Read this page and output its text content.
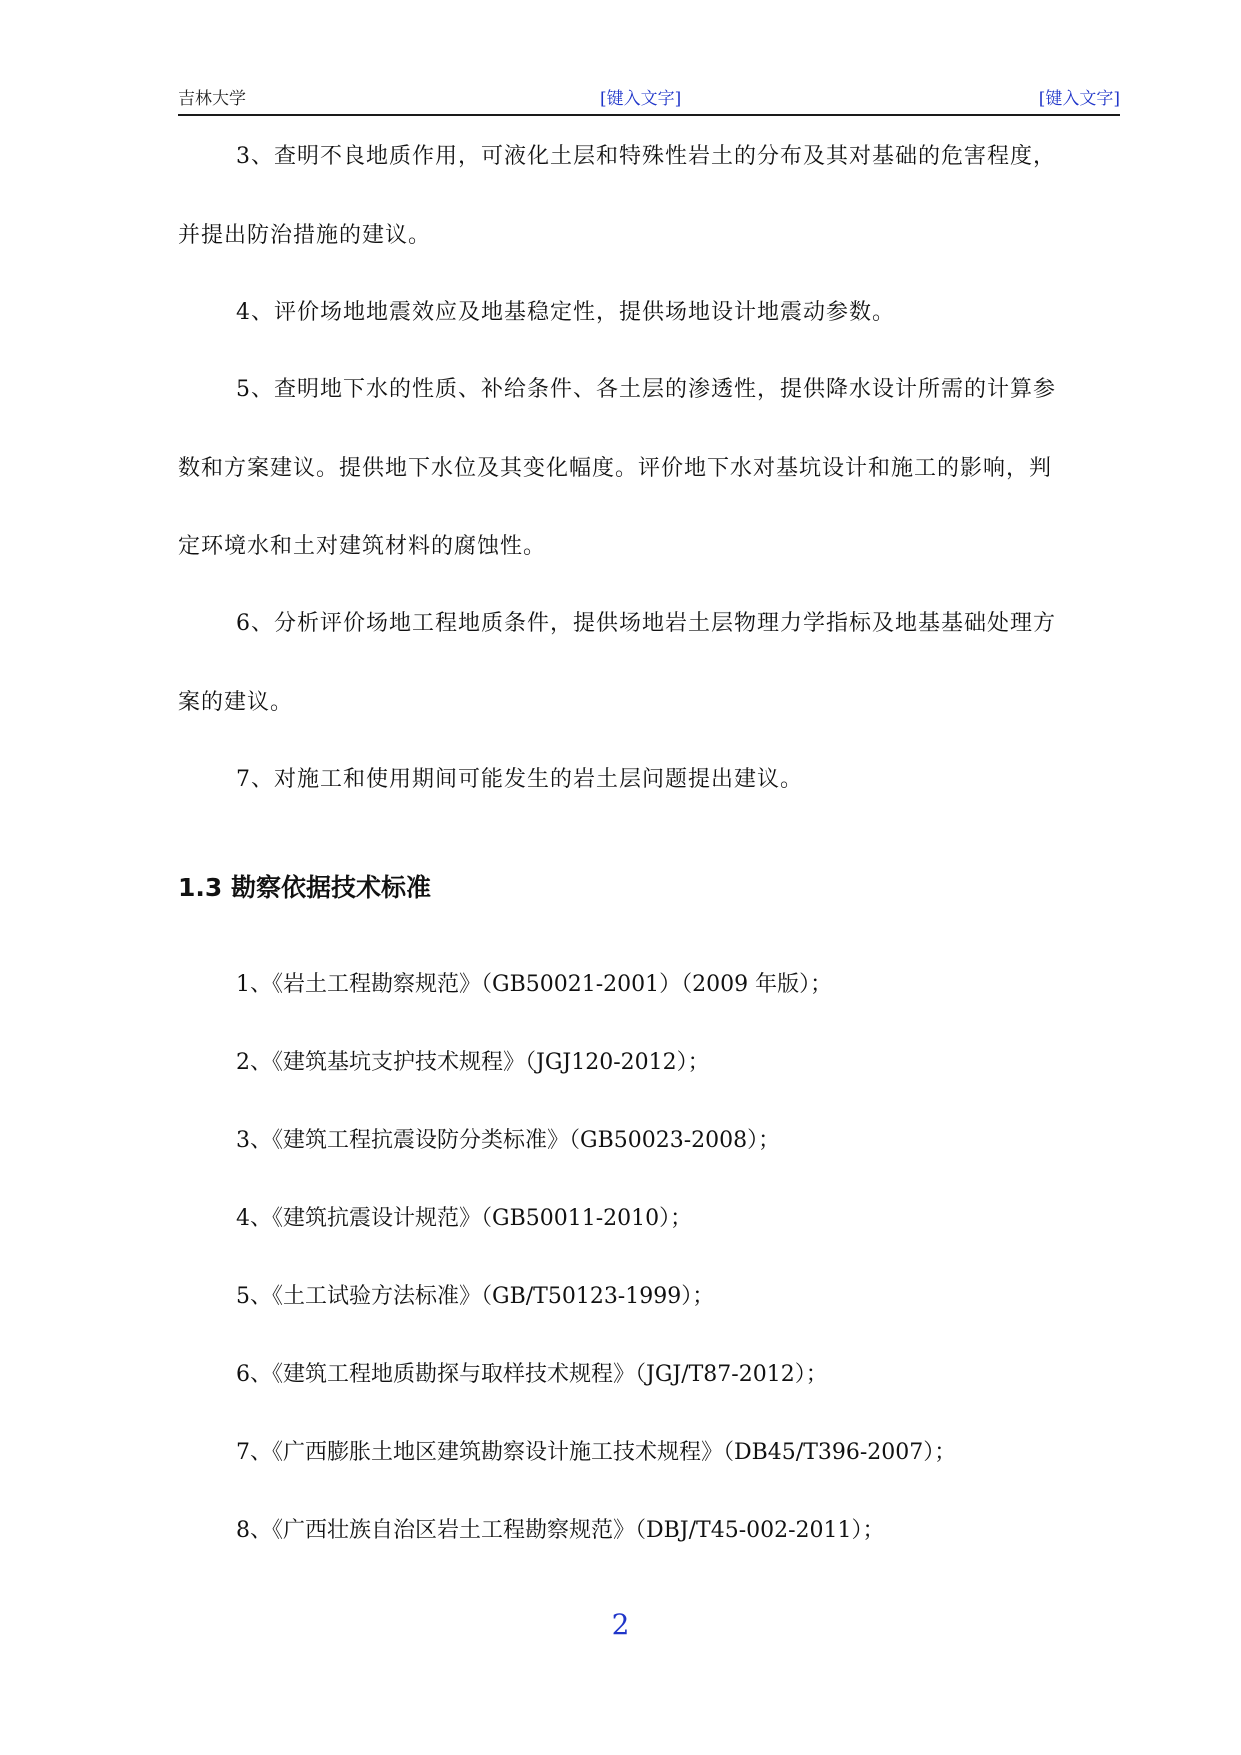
吉林大学	[键入文字]	[键入文字]
3、查明不良地质作用，可液化土层和特殊性岩土的分布及其对基础的危害程度，
并提出防治措施的建议。
4、评价场地地震效应及地基稳定性，提供场地设计地震动参数。
5、查明地下水的性质、补给条件、各土层的渗透性，提供降水设计所需的计算参
数和方案建议。提供地下水位及其变化幅度。评价地下水对基坑设计和施工的影响，判
定环境水和土对建筑材料的腐蚀性。
6、分析评价场地工程地质条件，提供场地岩土层物理力学指标及地基基础处理方
案的建议。
7、对施工和使用期间可能发生的岩土层问题提出建议。
1.3 勘察依据技术标准
1、《岩土工程勘察规范》（GB50021-2001）（2009 年版）；
2、《建筑基坑支护技术规程》（JGJ120-2012）；
3、《建筑工程抗震设防分类标准》（GB50023-2008）；
4、《建筑抗震设计规范》（GB50011-2010）；
5、《土工试验方法标准》（GB/T50123-1999）；
6、《建筑工程地质勘探与取样技术规程》（JGJ/T87-2012）；
7、《广西膨胀土地区建筑勘察设计施工技术规程》（DB45/T396-2007）；
8、《广西壮族自治区岩土工程勘察规范》（DBJ/T45-002-2011）；
2
